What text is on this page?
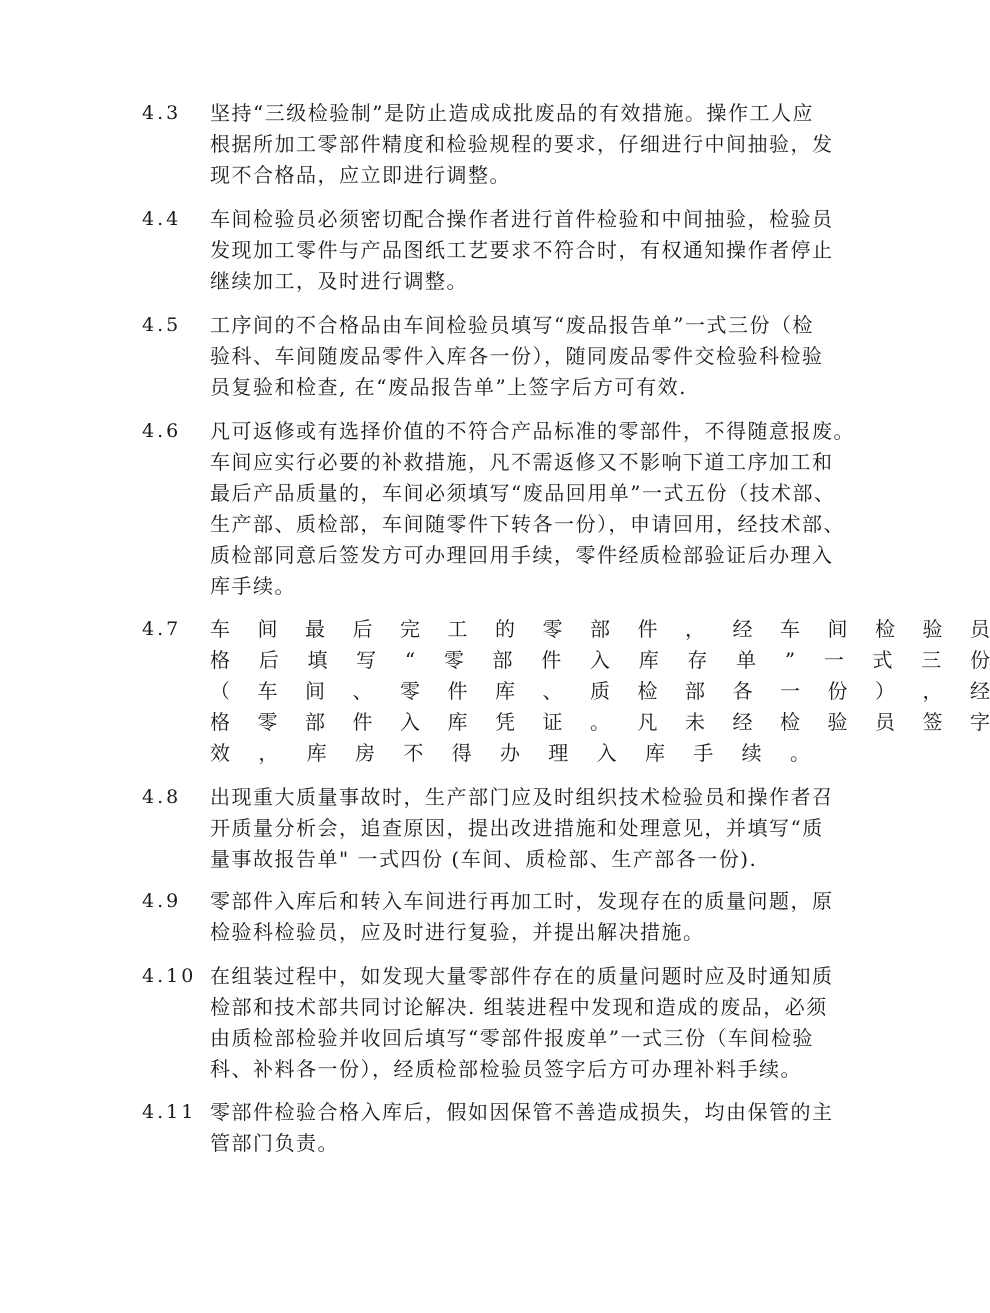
4.3 坚持“三级检验制”是防止造成成批废品的有效措施。操作工人应
根据所加工零部件精度和检验规程的要求，仔细进行中间抽验，发
现不合格品，应立即进行调整。
4.4 车间检验员必须密切配合操作者进行首件检验和中间抽验，检验员
发现加工零件与产品图纸工艺要求不符合时，有权通知操作者停止
继续加工，及时进行调整。
4.5 工序间的不合格品由车间检验员填写“废品报告单”一式三份（检
验科、车间随废品零件入库各一份），随同废品零件交检验科检验
员复验和检查, 在“废品报告单”上签字后方可有效.
4.6 凡可返修或有选择价值的不符合产品标准的零部件，不得随意报废。
车间应实行必要的补救措施，凡不需返修又不影响下道工序加工和
最后产品质量的，车间必须填写“废品回用单”一式五份（技术部、
生产部、质检部，车间随零件下转各一份），申请回用，经技术部、
质检部同意后签发方可办理回用手续，零件经质检部验证后办理入
库手续。
4.7 车 间 最 后 完 工 的 零 部 件 ， 经 车 间 检 验 员
格 后 填 写 “ 零 部 件 入 库 存 单 ” 一 式 三 份
（ 车 间 、 零 件 库 、 质 检 部 各 一 份 ） ， 经
格 零 部 件 入 库 凭 证 。 凡 未 经 检 验 员 签 字
效 ， 库 房 不 得 办 理 入 库 手 续 。
4.8 出现重大质量事故时，生产部门应及时组织技术检验员和操作者召
开质量分析会，追查原因，提出改进措施和处理意见，并填写“质
量事故报告单" 一式四份 (车间、质检部、生产部各一份).
4.9 零部件入库后和转入车间进行再加工时，发现存在的质量问题，原
检验科检验员，应及时进行复验，并提出解决措施。
4.10 在组装过程中，如发现大量零部件存在的质量问题时应及时通知质
检部和技术部共同讨论解决. 组装进程中发现和造成的废品，必须
由质检部检验并收回后填写“零部件报废单”一式三份（车间检验
科、补料各一份），经质检部检验员签字后方可办理补料手续。
4.11 零部件检验合格入库后，假如因保管不善造成损失，均由保管的主
管部门负责。
